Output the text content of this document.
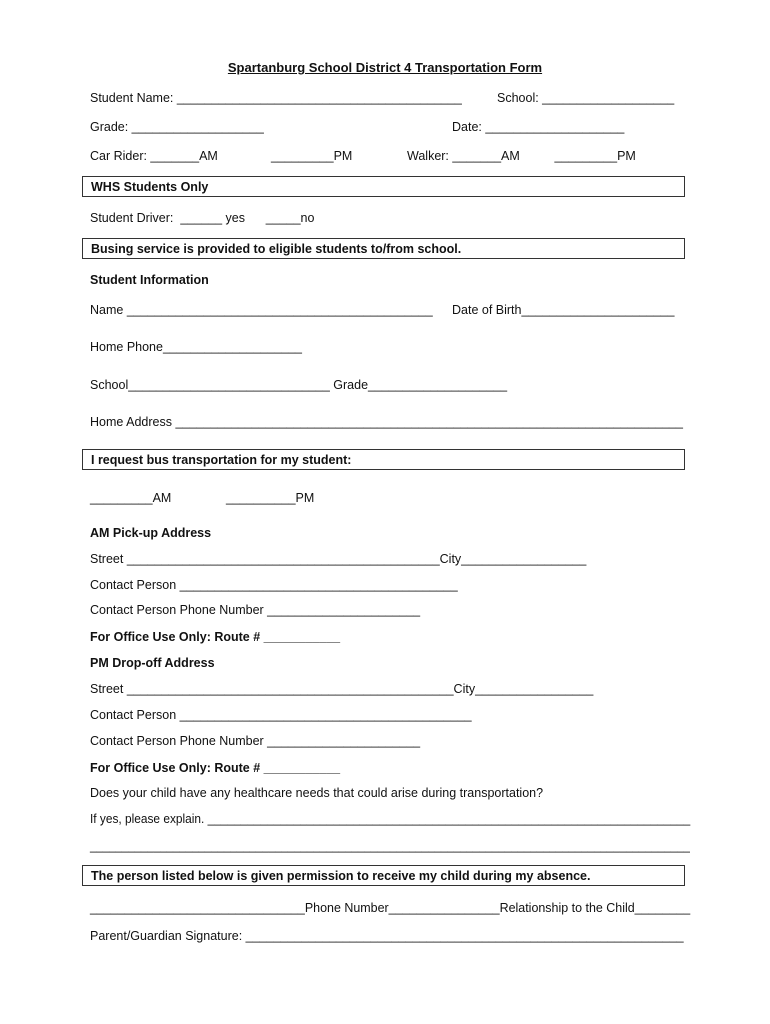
Spartanburg School District 4 Transportation Form
Student Name: _________________________________________	School: ___________________
Grade: ___________________	Date: ____________________
Car Rider: _______AM	_________PM	Walker: _______AM          _________PM
WHS Students Only
Student Driver:  ______ yes      _____no
Busing service is provided to eligible students to/from school.
Student Information
Name ____________________________________________ Date of Birth______________________
Home Phone____________________
School_____________________________ Grade____________________
Home Address _________________________________________________________________________
I request bus transportation for my student:
_________AM	__________PM
AM Pick-up Address
Street _____________________________________________City__________________
Contact Person ________________________________________
Contact Person Phone Number ______________________
For Office Use Only: Route # ___________
PM Drop-off Address
Street _______________________________________________City_________________
Contact Person __________________________________________
Contact Person Phone Number ______________________
For Office Use Only: Route # ___________
Does your child have any healthcare needs that could arise during transportation?
If yes, please explain. _________________________________________________________________________
______________________________________________________________________________________________
The person listed below is given permission to receive my child during my absence.
_______________________________Phone Number________________Relationship to the Child________
Parent/Guardian Signature: _______________________________________________________________
